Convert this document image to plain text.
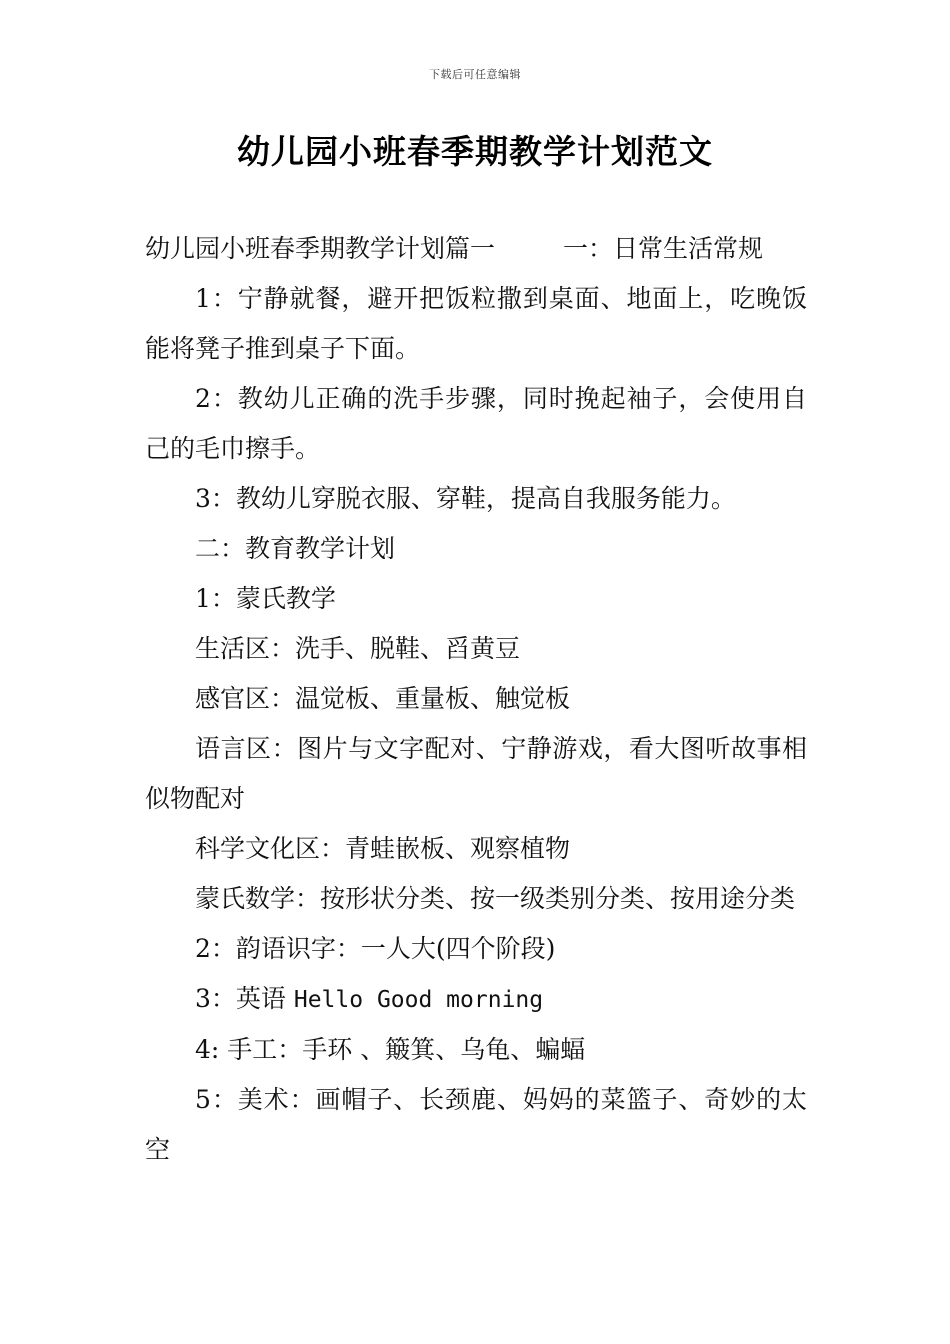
下载后可任意编辑
幼儿园小班春季期教学计划范文

幼儿园小班春季期教学计划篇一	一：日常生活常规

1：宁静就餐，避开把饭粒撒到桌面、地面上，吃晚饭能将凳子推到桌子下面。

2：教幼儿正确的洗手步骤，同时挽起袖子，会使用自己的毛巾擦手。

3：教幼儿穿脱衣服、穿鞋，提高自我服务能力。

二：教育教学计划

1：蒙氏教学

生活区：洗手、脱鞋、舀黄豆

感官区：温觉板、重量板、触觉板

语言区：图片与文字配对、宁静游戏，看大图听故事相似物配对

科学文化区：青蛙嵌板、观察植物

蒙氏数学：按形状分类、按一级类别分类、按用途分类

2：韵语识字：一人大(四个阶段)

3：英语 Hello Good morning

4: 手工：手环 、簸箕、乌龟、蝙蝠

5：美术：画帽子、长颈鹿、妈妈的菜篮子、奇妙的太空
